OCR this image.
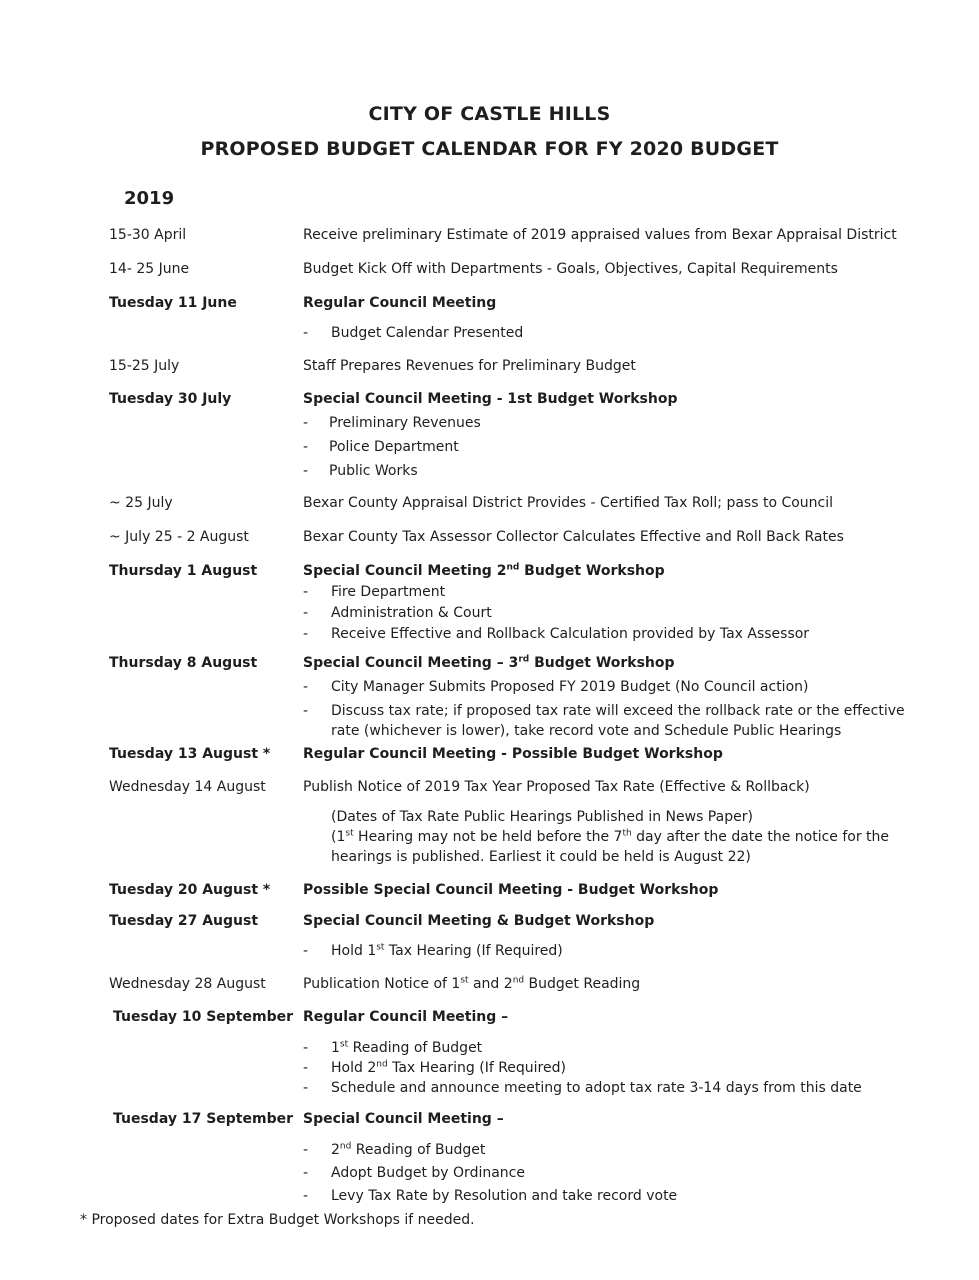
CITY OF CASTLE HILLS
PROPOSED BUDGET CALENDAR FOR FY 2020 BUDGET
2019
15-30 April	Receive preliminary Estimate of 2019 appraised values from Bexar Appraisal District
14- 25 June	Budget Kick Off with Departments - Goals, Objectives, Capital Requirements
Tuesday 11 June	Regular Council Meeting
- Budget Calendar Presented
15-25 July	Staff Prepares Revenues for Preliminary Budget
Tuesday 30 July	Special Council Meeting - 1st Budget Workshop
- Preliminary Revenues
- Police Department
- Public Works
~ 25 July	Bexar County Appraisal District Provides - Certified Tax Roll; pass to Council
~ July 25 - 2 August	Bexar County Tax Assessor Collector Calculates Effective and Roll Back Rates
Thursday 1 August	Special Council Meeting 2nd Budget Workshop
- Fire Department
- Administration & Court
- Receive Effective and Rollback Calculation provided by Tax Assessor
Thursday 8 August	Special Council Meeting – 3rd Budget Workshop
- City Manager Submits Proposed FY 2019 Budget (No Council action)
-	Discuss tax rate; if proposed tax rate will exceed the rollback rate or the effective
rate (whichever is lower), take record vote and Schedule Public Hearings
Tuesday 13 August * Regular Council Meeting - Possible Budget Workshop
Wednesday 14 August	Publish Notice of 2019 Tax Year Proposed Tax Rate (Effective & Rollback)
(Dates of Tax Rate Public Hearings Published in News Paper)
(1st Hearing may not be held before the 7th day after the date the notice for the
hearings is published. Earliest it could be held is August 22)
Tuesday 20 August * Possible Special Council Meeting - Budget Workshop
Tuesday 27 August	Special Council Meeting & Budget Workshop
- Hold 1st Tax Hearing (If Required)
Wednesday 28 August	Publication Notice of 1st and 2nd Budget Reading
Tuesday 10 September Regular Council Meeting –
- 1st Reading of Budget
- Hold 2nd Tax Hearing (If Required)
- Schedule and announce meeting to adopt tax rate 3-14 days from this date
Tuesday 17 September Special Council Meeting –
- 2nd Reading of Budget
- Adopt Budget by Ordinance
- Levy Tax Rate by Resolution and take record vote
* Proposed dates for Extra Budget Workshops if needed.
